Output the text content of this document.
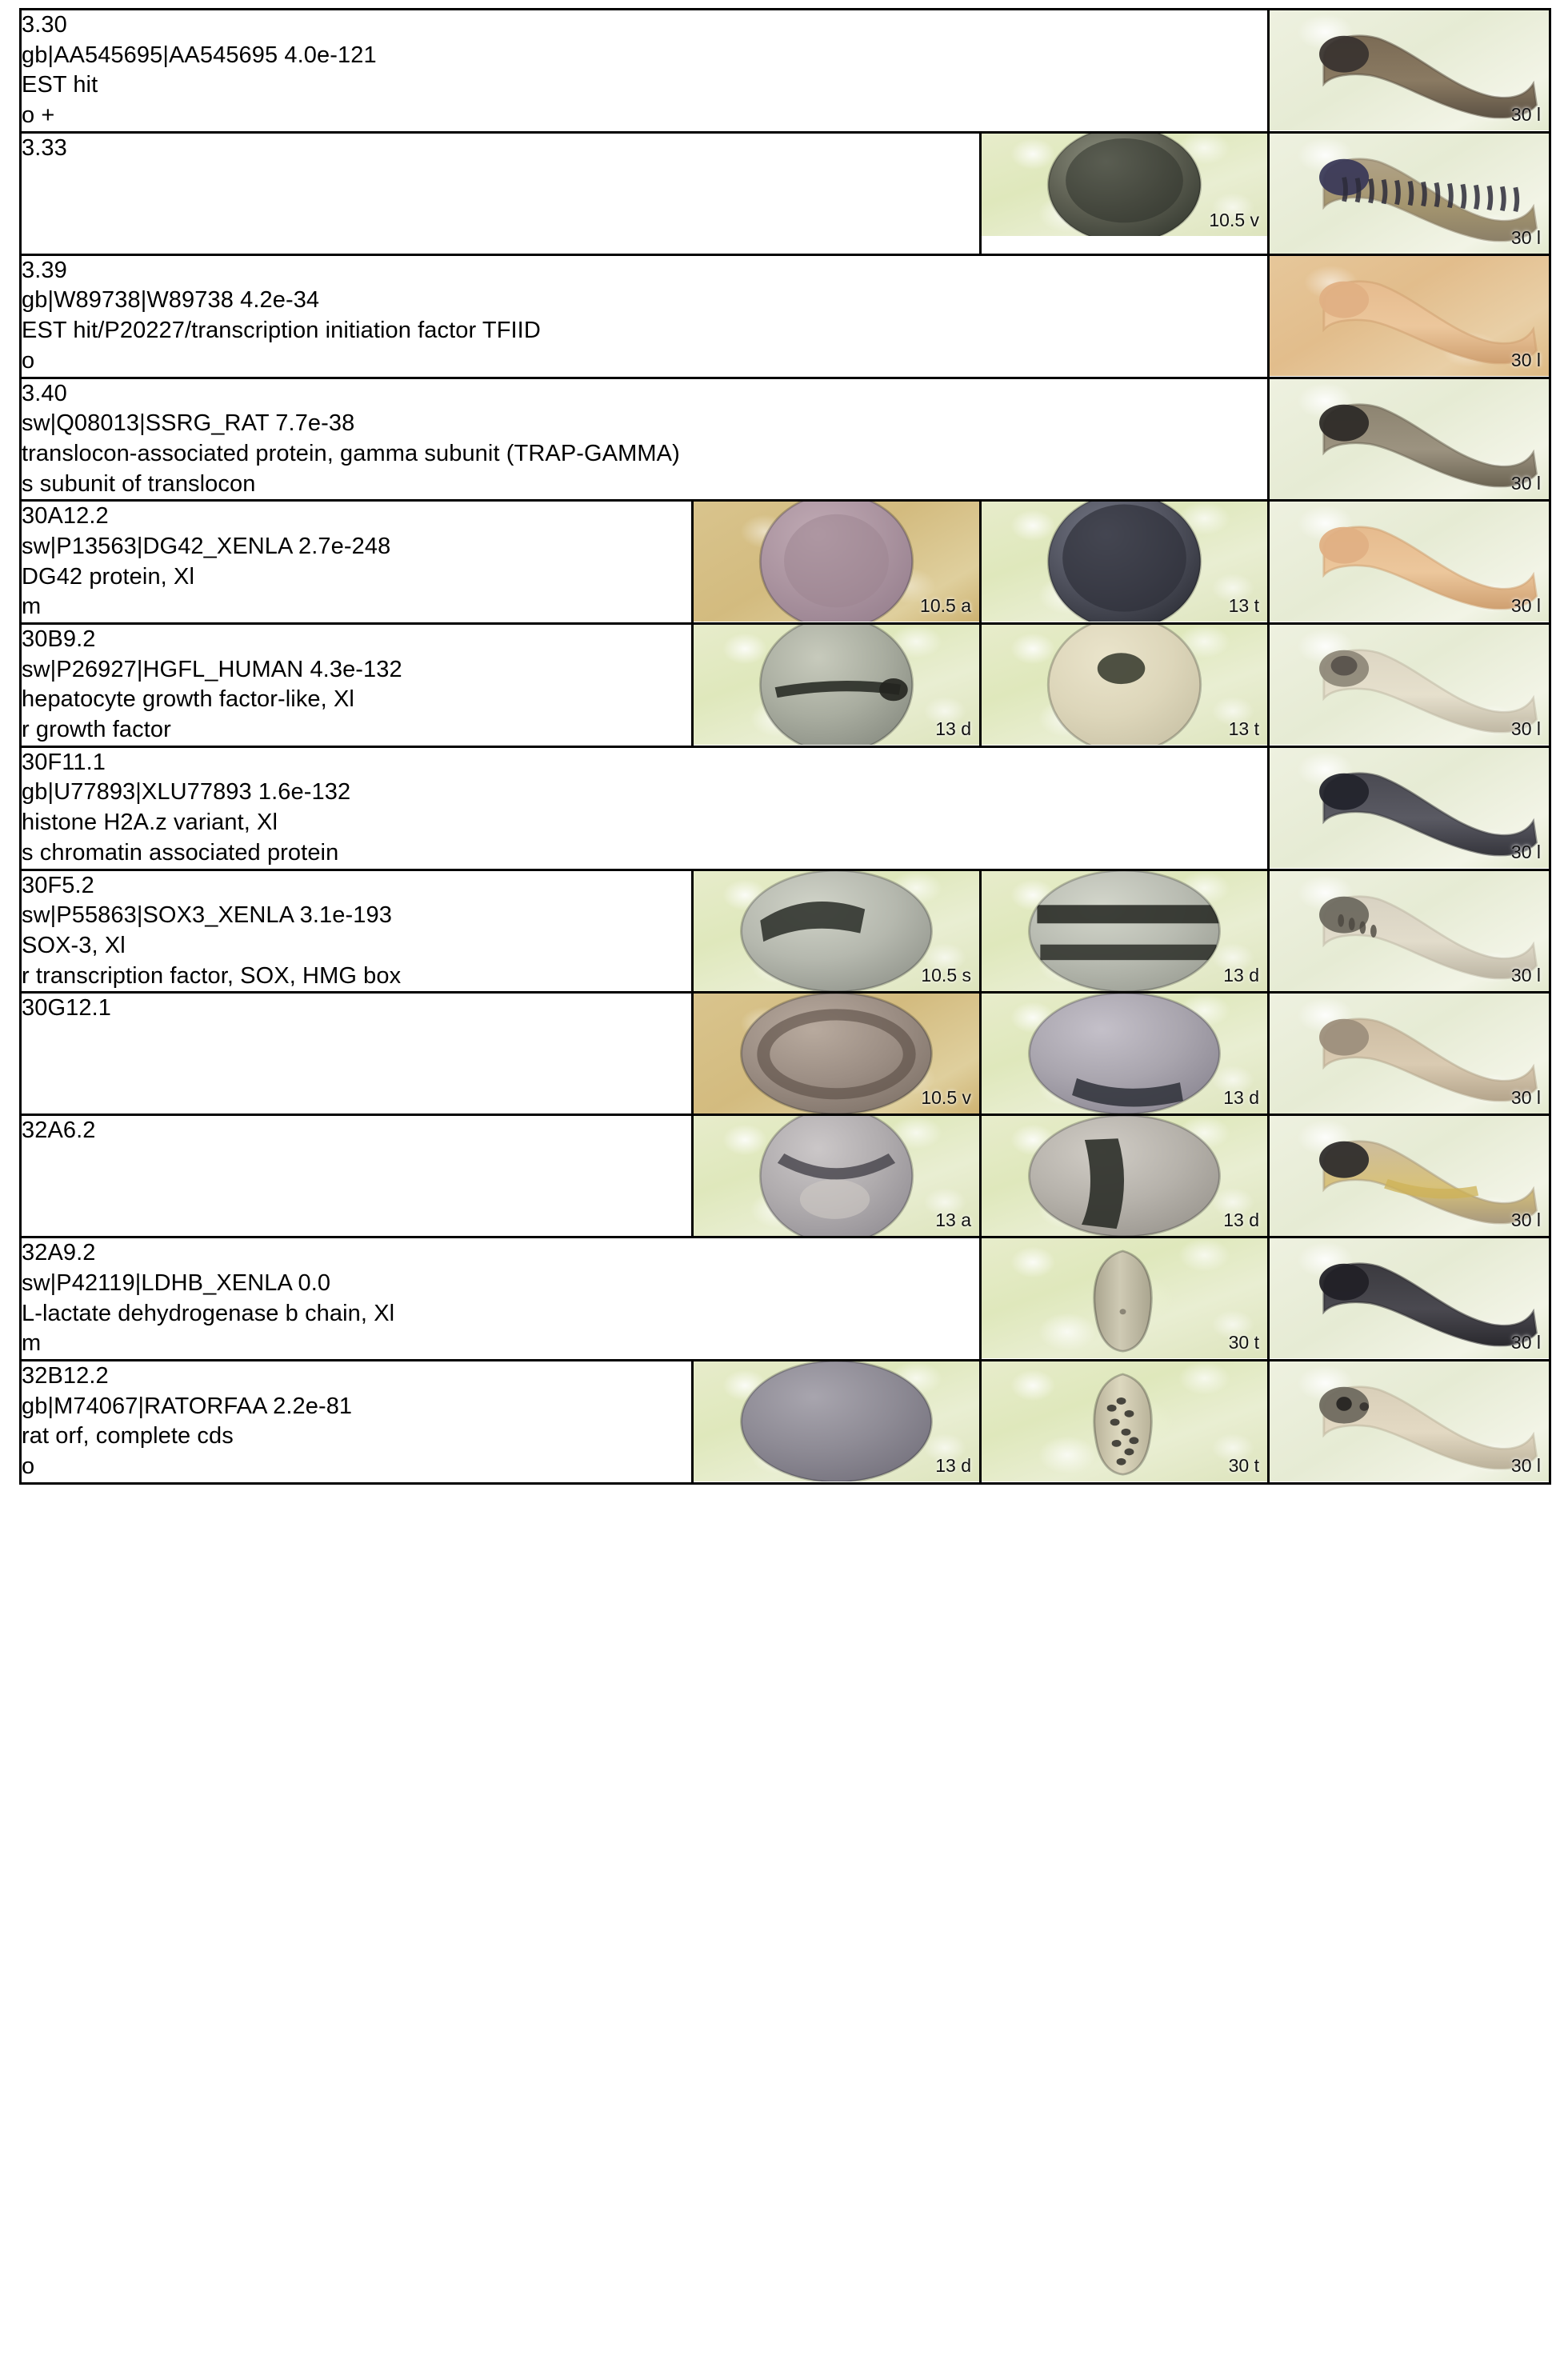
3.30
gb|AA545695|AA545695 4.0e-121
EST hit
o +			30 l

3.33		10.5 v	30 l

3.39
gb|W89738|W89738 4.2e-34
EST hit/P20227/transcription initiation factor TFIID
o			30 l

3.40
sw|Q08013|SSRG_RAT 7.7e-38
translocon-associated protein, gamma subunit (TRAP-GAMMA)
s subunit of translocon			30 l

30A12.2
sw|P13563|DG42_XENLA 2.7e-248
DG42 protein, Xl
m	10.5 a	13 t	30 l

30B9.2
sw|P26927|HGFL_HUMAN 4.3e-132
hepatocyte growth factor-like, Xl
r growth factor	13 d	13 t	30 l

30F11.1
gb|U77893|XLU77893 1.6e-132
histone H2A.z variant, Xl
s chromatin associated protein			30 l

30F5.2
sw|P55863|SOX3_XENLA 3.1e-193
SOX-3, Xl
r transcription factor, SOX, HMG box	10.5 s	13 d	30 l

30G12.1	10.5 v	13 d	30 l

32A6.2	13 a	13 d	30 l

32A9.2
sw|P42119|LDHB_XENLA 0.0
L-lactate dehydrogenase b chain, Xl
m		30 t	30 l

32B12.2
gb|M74067|RATORFAA 2.2e-81
rat orf, complete cds
o	13 d	30 t	30 l
